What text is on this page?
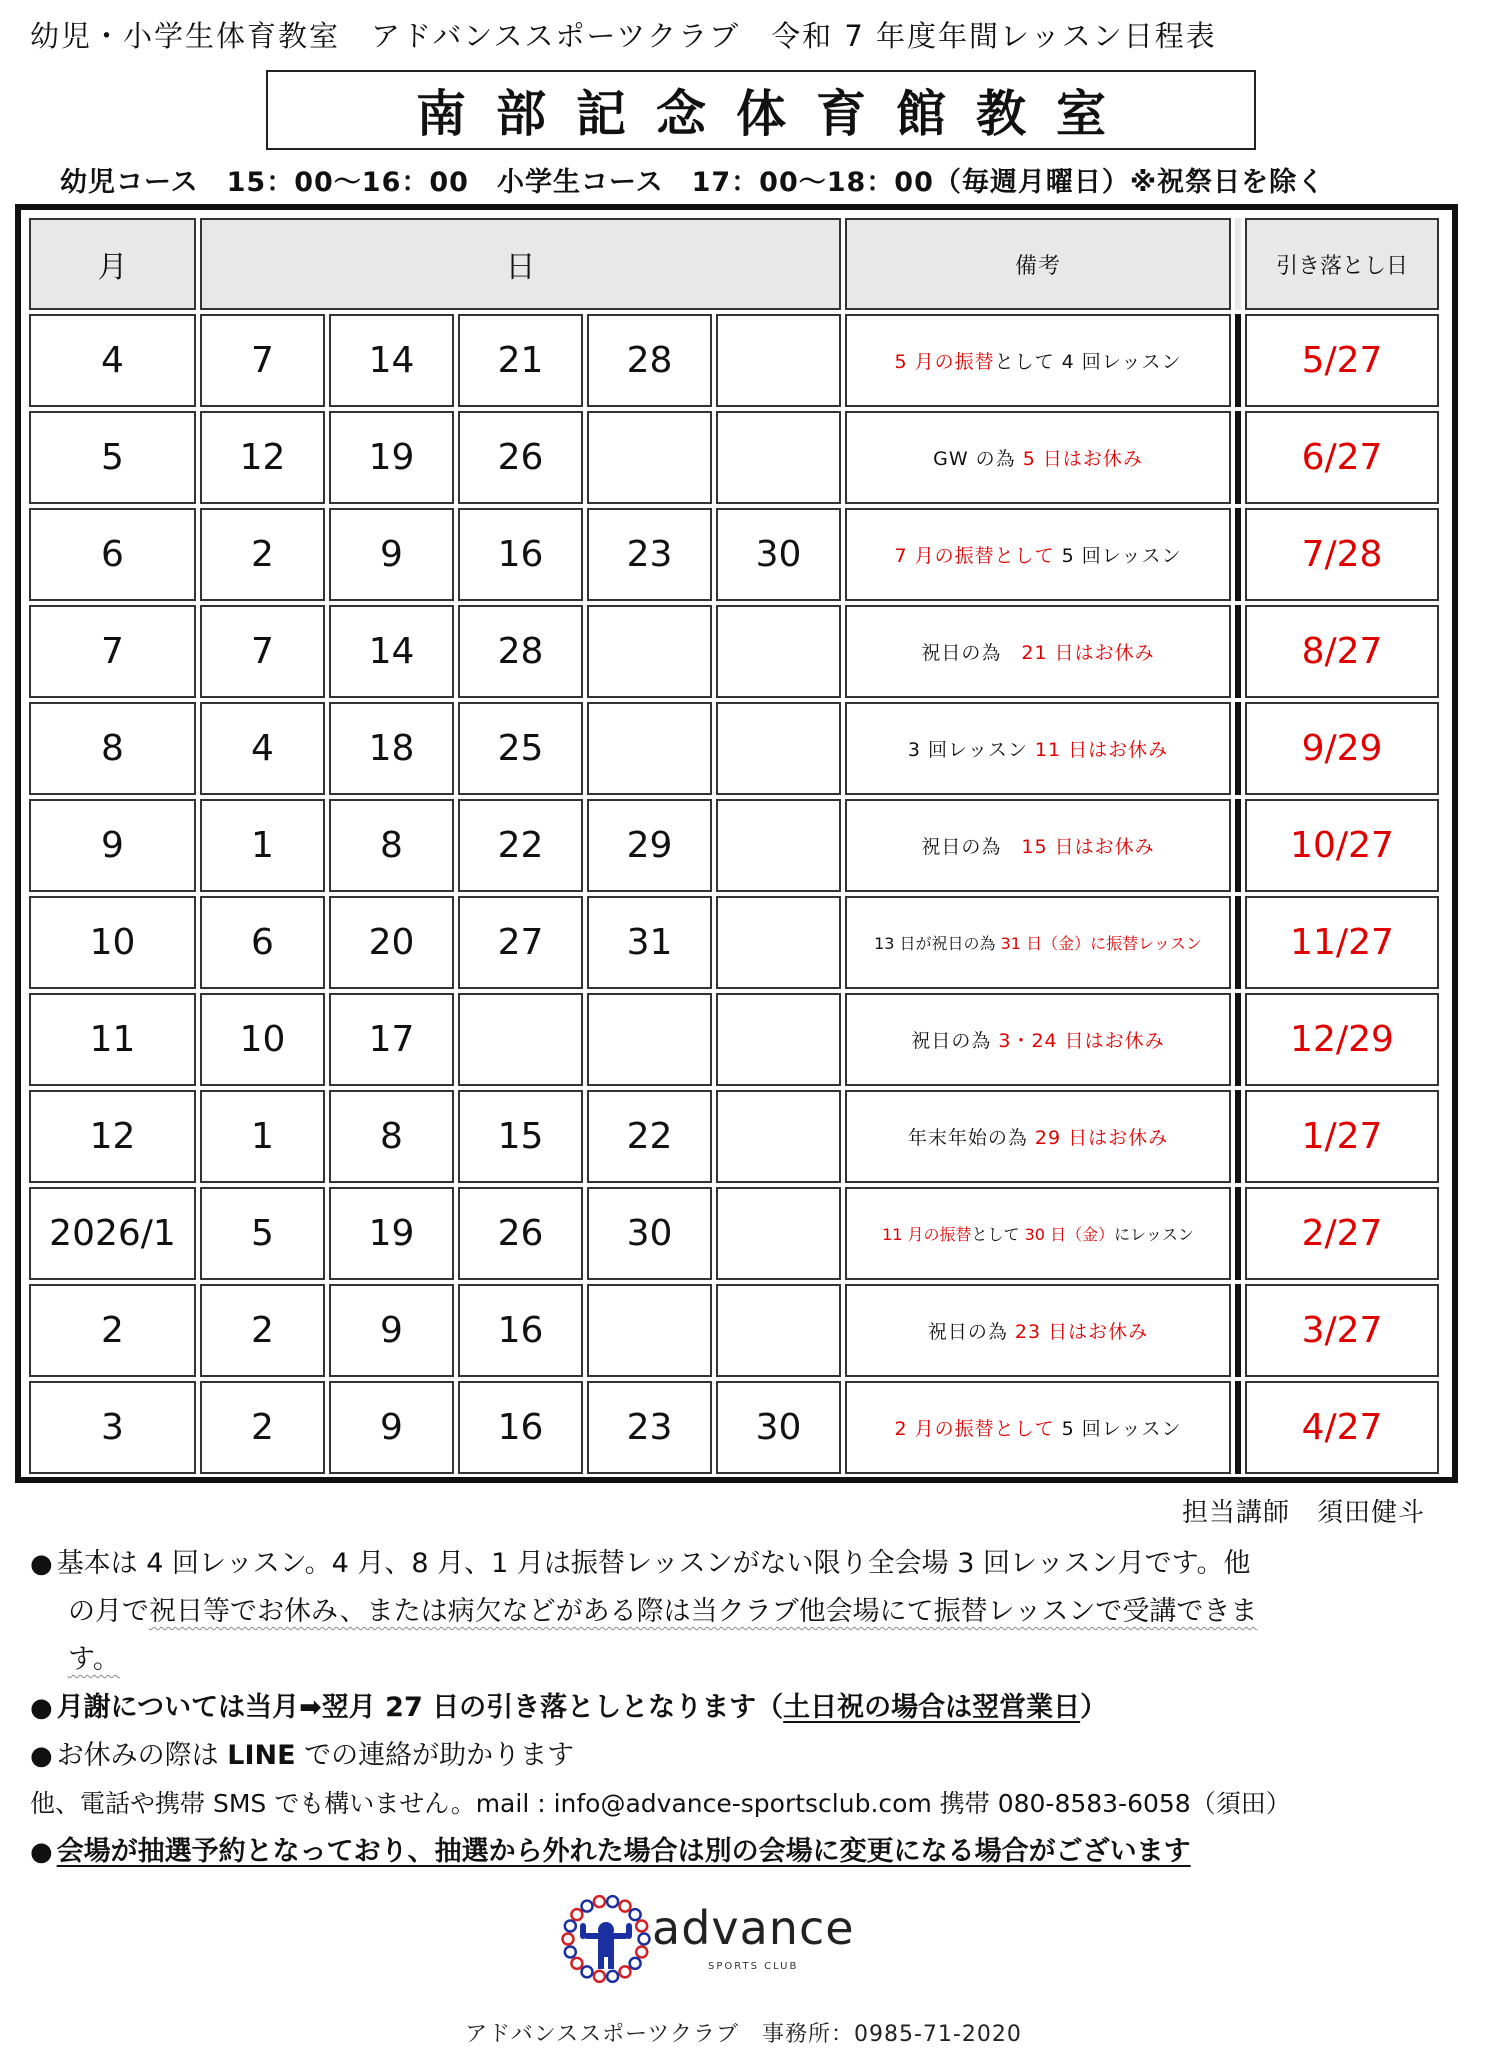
幼児・小学生体育教室　アドバンススポーツクラブ　令和 7 年度年間レッスン日程表
南部記念体育館教室
幼児コース　15：00〜16：00　小学生コース　17：00〜18：00（毎週月曜日）※祝祭日を除く
月	日					備考		引き落とし日
4	7	14	21	28		5 月の振替として 4 回レッスン		5/27
5	12	19	26			GW の為 5 日はお休み		6/27
6	2	9	16	23	30	7 月の振替として 5 回レッスン		7/28
7	7	14	28			祝日の為　21 日はお休み		8/27
8	4	18	25			3 回レッスン 11 日はお休み		9/29
9	1	8	22	29		祝日の為　15 日はお休み		10/27
10	6	20	27	31		13 日が祝日の為 31 日（金）に振替レッスン		11/27
11	10	17				祝日の為 3・24 日はお休み		12/29
12	1	8	15	22		年末年始の為 29 日はお休み		1/27
2026/1	5	19	26	30		11 月の振替として 30 日（金）にレッスン		2/27
2	2	9	16			祝日の為 23 日はお休み		3/27
3	2	9	16	23	30	2 月の振替として 5 回レッスン		4/27
担当講師　須田健斗
● 基本は 4 回レッスン。4 月、8 月、1 月は振替レッスンがない限り全会場 3 回レッスン月です。他
の月で祝日等でお休み、または病欠などがある際は当クラブ他会場にて振替レッスンで受講できま
す。
● 月謝については当月➡翌月 27 日の引き落としとなります（土日祝の場合は翌営業日）
● お休みの際は LINE での連絡が助かります
他、電話や携帯 SMS でも構いません。mail : info@advance-sportsclub.com 携帯 080-8583-6058（須田）
● 会場が抽選予約となっており、抽選から外れた場合は別の会場に変更になる場合がございます
advance
SPORTS CLUB
アドバンススポーツクラブ　事務所：0985-71-2020
